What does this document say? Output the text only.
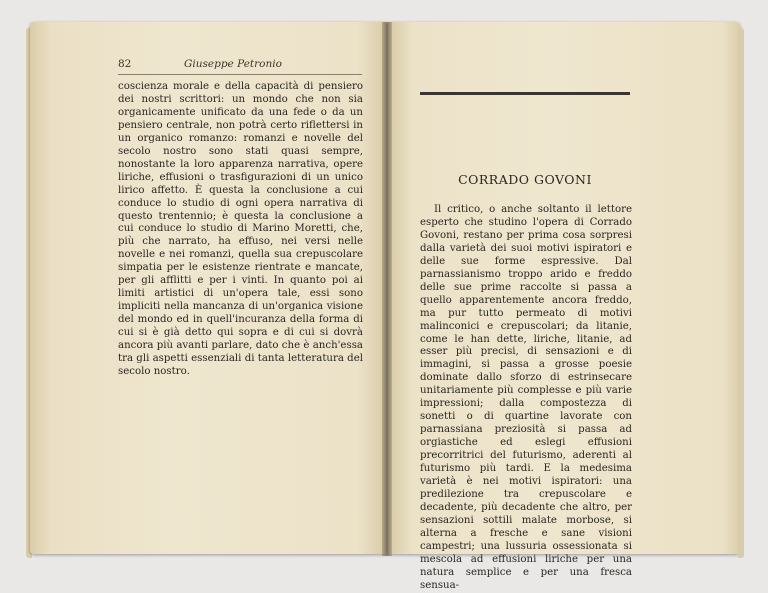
82	Giuseppe Petronio

coscienza morale e della capacità di pensiero dei nostri scrittori: un mondo che non sia organicamente unificato da una fede o da un pensiero centrale, non potrà certo riflettersi in un organico romanzo: romanzi e novelle del secolo nostro sono stati quasi sempre, nonostante la loro apparenza narrativa, opere liriche, effusioni o trasfigurazioni di un unico lirico affetto. È questa la conclusione a cui conduce lo studio di ogni opera narrativa di questo trentennio; è questa la conclusione a cui conduce lo studio di Marino Moretti, che, più che narrato, ha effuso, nei versi nelle novelle e nei romanzi, quella sua crepuscolare simpatia per le esistenze rientrate e mancate, per gli afflitti e per i vinti. In quanto poi ai limiti artistici di un'opera tale, essi sono impliciti nella mancanza di un'organica visione del mondo ed in quell'incuranza della forma di cui si è già detto qui sopra e di cui si dovrà ancora più avanti parlare, dato che è anch'essa tra gli aspetti essenziali di tanta letteratura del secolo nostro.

CORRADO GOVONI

Il critico, o anche soltanto il lettore esperto che studino l'opera di Corrado Govoni, restano per prima cosa sorpresi dalla varietà dei suoi motivi ispiratori e delle sue forme espressive. Dal parnassianismo troppo arido e freddo delle sue prime raccolte si passa a quello apparentemente ancora freddo, ma pur tutto permeato di motivi malinconici e crepuscolari; da litanie, come le han dette, liriche, litanie, ad esser più precisi, di sensazioni e di immagini, si passa a grosse poesie dominate dallo sforzo di estrinsecare unitariamente più complesse e più varie impressioni; dalla compostezza di sonetti o di quartine lavorate con parnassiana preziosità si passa ad orgiastiche ed eslegi effusioni precorritrici del futurismo, aderenti al futurismo più tardi. E la medesima varietà è nei motivi ispiratori: una predilezione tra crepuscolare e decadente, più decadente che altro, per sensazioni sottili malate morbose, si alterna a fresche e sane visioni campestri; una lussuria ossessionata si mescola ad effusioni liriche per una natura semplice e per una fresca sensua-
